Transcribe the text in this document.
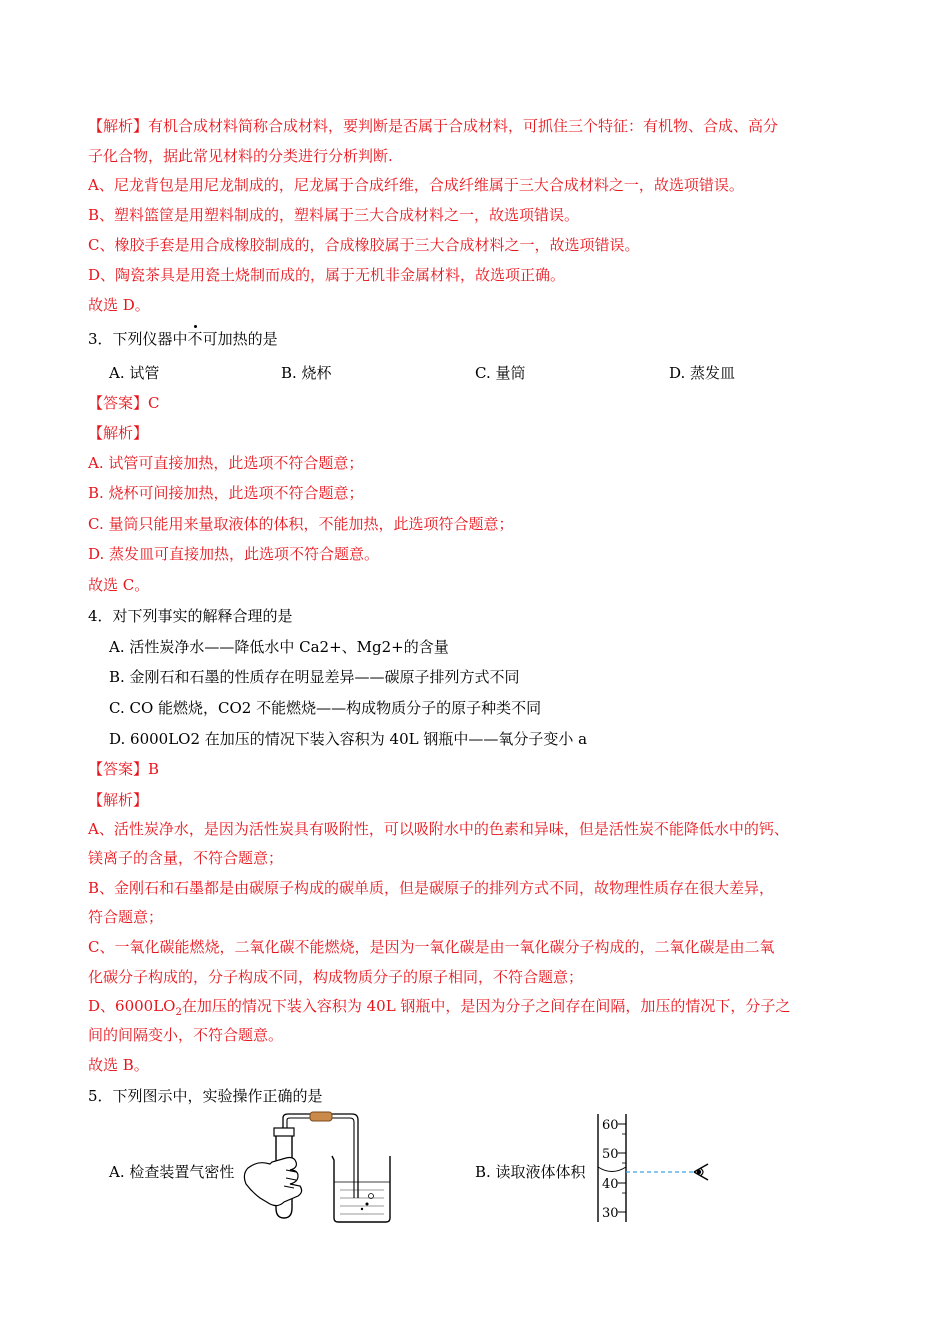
【解析】有机合成材料简称合成材料，要判断是否属于合成材料，可抓住三个特征：有机物、合成、高分
子化合物，据此常见材料的分类进行分析判断.
A、尼龙背包是用尼龙制成的，尼龙属于合成纤维，合成纤维属于三大合成材料之一，故选项错误。
B、塑料篮筐是用塑料制成的，塑料属于三大合成材料之一，故选项错误。
C、橡胶手套是用合成橡胶制成的，合成橡胶属于三大合成材料之一，故选项错误。
D、陶瓷茶具是用瓷土烧制而成的，属于无机非金属材料，故选项正确。
故选 D。
3．下列仪器中不可加热的是
A. 试管	B. 烧杯	C. 量筒	D. 蒸发皿
【答案】C
【解析】
A. 试管可直接加热，此选项不符合题意；
B. 烧杯可间接加热，此选项不符合题意；
C. 量筒只能用来量取液体的体积，不能加热，此选项符合题意；
D. 蒸发皿可直接加热，此选项不符合题意。
故选 C。
4．对下列事实的解释合理的是
A. 活性炭净水——降低水中 Ca2+、Mg2+的含量
B. 金刚石和石墨的性质存在明显差异——碳原子排列方式不同
C. CO 能燃烧，CO2 不能燃烧——构成物质分子的原子种类不同
D. 6000LO2 在加压的情况下装入容积为 40L 钢瓶中——氧分子变小 a
【答案】B
【解析】
A、活性炭净水，是因为活性炭具有吸附性，可以吸附水中的色素和异味，但是活性炭不能降低水中的钙、
镁离子的含量，不符合题意；
B、金刚石和石墨都是由碳原子构成的碳单质，但是碳原子的排列方式不同，故物理性质存在很大差异，
符合题意；
C、一氧化碳能燃烧，二氧化碳不能燃烧，是因为一氧化碳是由一氧化碳分子构成的，二氧化碳是由二氧
化碳分子构成的，分子构成不同，构成物质分子的原子相同，不符合题意；
D、$6000LO_2$在加压的情况下装入容积为 40L 钢瓶中，是因为分子之间存在间隔，加压的情况下，分子之
间的间隔变小，不符合题意。
故选 B。
5．下列图示中，实验操作正确的是
A. 检查装置气密性	B. 读取液体体积
60
50
40
30
